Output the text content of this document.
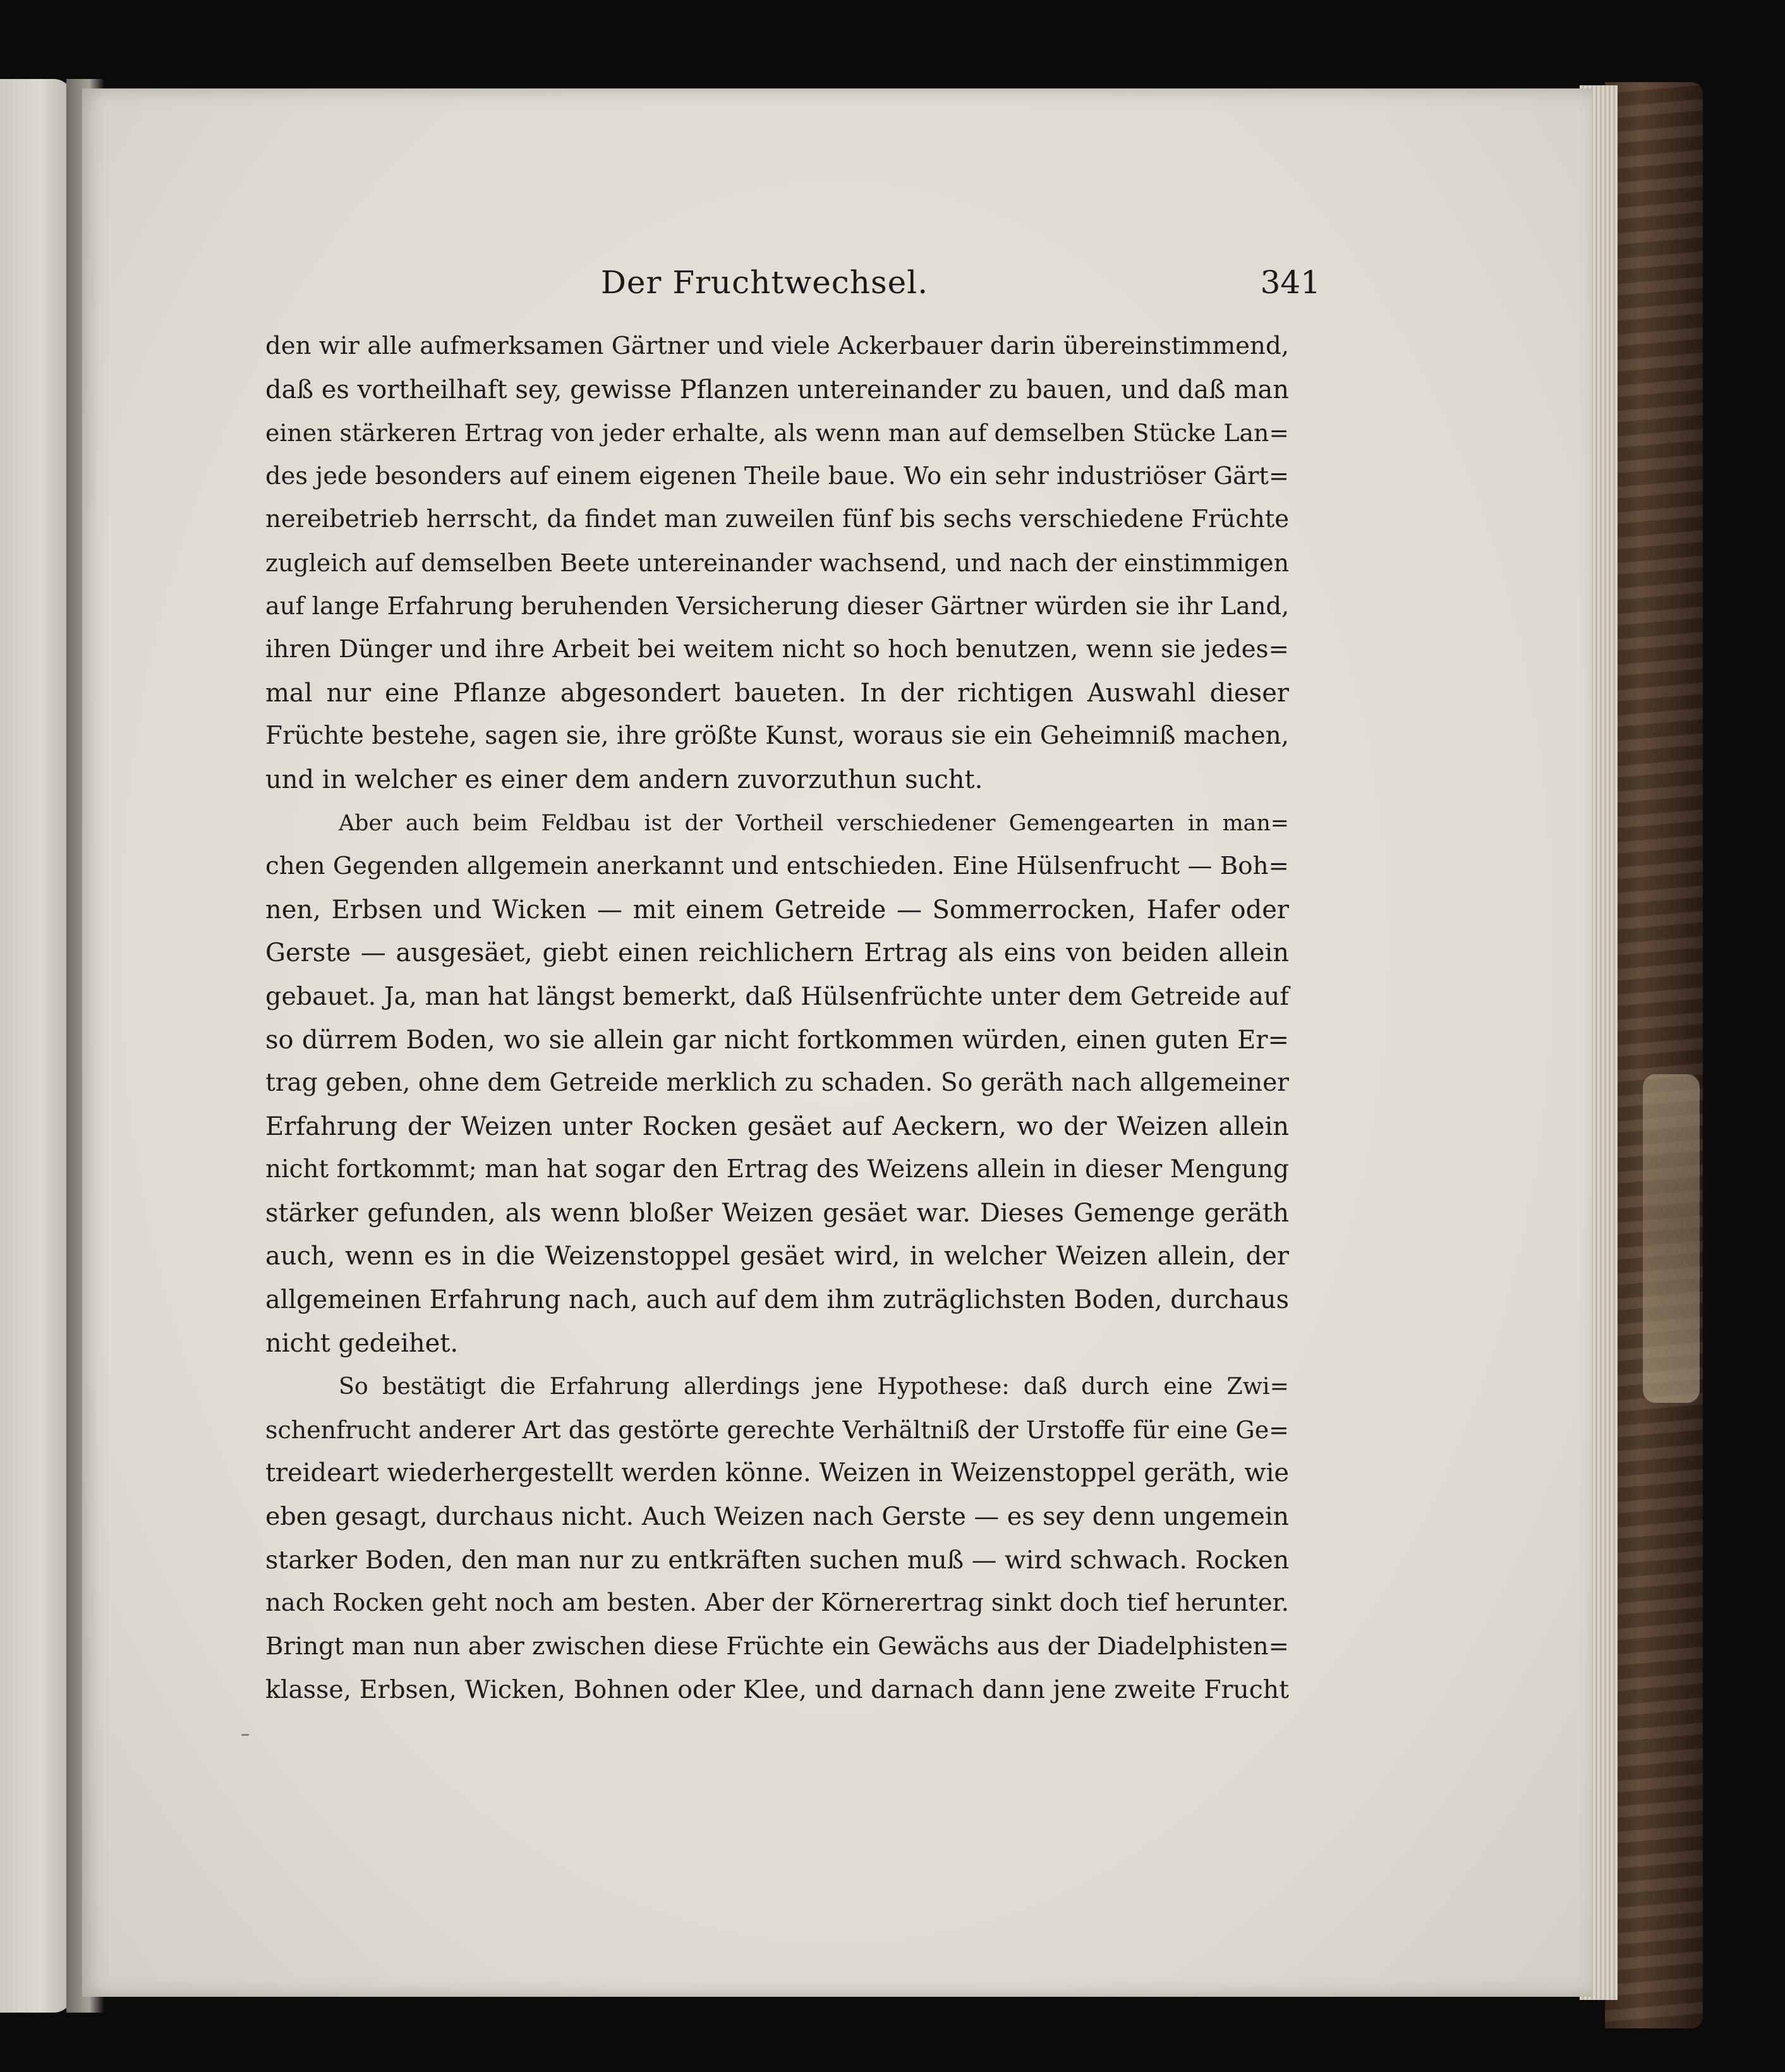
Der Fruchtwechsel.	341

den wir alle aufmerksamen Gärtner und viele Ackerbauer darin übereinstimmend,
daß es vortheilhaft sey, gewisse Pflanzen untereinander zu bauen, und daß man
einen stärkeren Ertrag von jeder erhalte, als wenn man auf demselben Stücke Lan=
des jede besonders auf einem eigenen Theile baue. Wo ein sehr industriöser Gärt=
nereibetrieb herrscht, da findet man zuweilen fünf bis sechs verschiedene Früchte
zugleich auf demselben Beete untereinander wachsend, und nach der einstimmigen
auf lange Erfahrung beruhenden Versicherung dieser Gärtner würden sie ihr Land,
ihren Dünger und ihre Arbeit bei weitem nicht so hoch benutzen, wenn sie jedes=
mal nur eine Pflanze abgesondert baueten. In der richtigen Auswahl dieser
Früchte bestehe, sagen sie, ihre größte Kunst, woraus sie ein Geheimniß machen,
und in welcher es einer dem andern zuvorzuthun sucht.

Aber auch beim Feldbau ist der Vortheil verschiedener Gemengearten in man=
chen Gegenden allgemein anerkannt und entschieden. Eine Hülsenfrucht — Boh=
nen, Erbsen und Wicken — mit einem Getreide — Sommerrocken, Hafer oder
Gerste — ausgesäet, giebt einen reichlichern Ertrag als eins von beiden allein
gebauet. Ja, man hat längst bemerkt, daß Hülsenfrüchte unter dem Getreide auf
so dürrem Boden, wo sie allein gar nicht fortkommen würden, einen guten Er=
trag geben, ohne dem Getreide merklich zu schaden. So geräth nach allgemeiner
Erfahrung der Weizen unter Rocken gesäet auf Aeckern, wo der Weizen allein
nicht fortkommt; man hat sogar den Ertrag des Weizens allein in dieser Mengung
stärker gefunden, als wenn bloßer Weizen gesäet war. Dieses Gemenge geräth
auch, wenn es in die Weizenstoppel gesäet wird, in welcher Weizen allein, der
allgemeinen Erfahrung nach, auch auf dem ihm zuträglichsten Boden, durchaus
nicht gedeihet.

So bestätigt die Erfahrung allerdings jene Hypothese: daß durch eine Zwi=
schenfrucht anderer Art das gestörte gerechte Verhältniß der Urstoffe für eine Ge=
treideart wiederhergestellt werden könne. Weizen in Weizenstoppel geräth, wie
eben gesagt, durchaus nicht. Auch Weizen nach Gerste — es sey denn ungemein
starker Boden, den man nur zu entkräften suchen muß — wird schwach. Rocken
nach Rocken geht noch am besten. Aber der Körnerertrag sinkt doch tief herunter.
Bringt man nun aber zwischen diese Früchte ein Gewächs aus der Diadelphisten=
klasse, Erbsen, Wicken, Bohnen oder Klee, und darnach dann jene zweite Frucht
